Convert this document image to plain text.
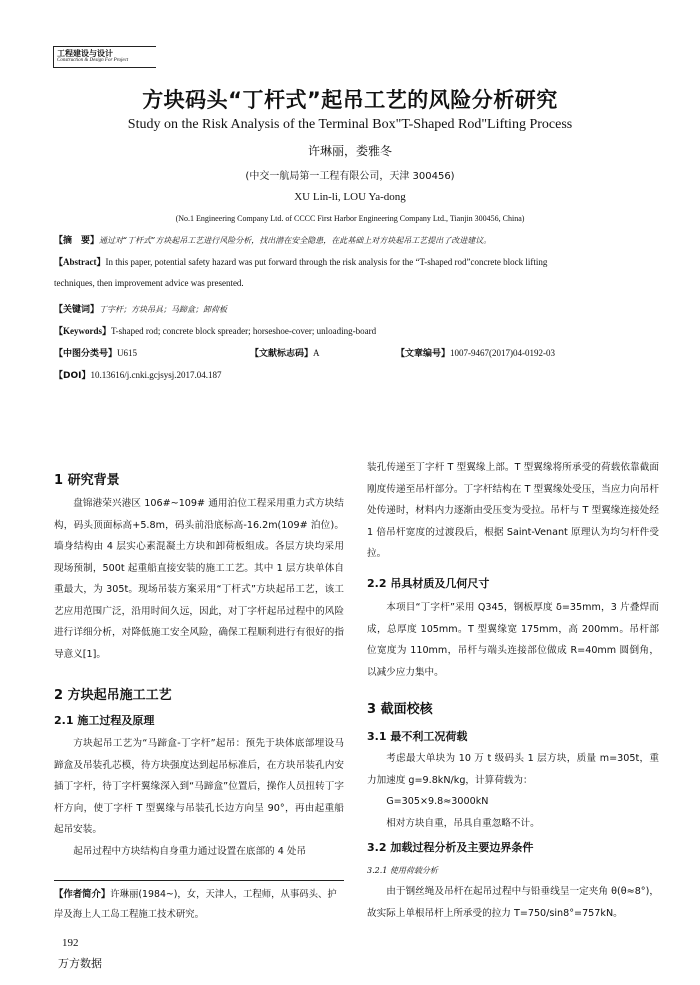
工程建设与设计
Construction & Design For Project
方块码头“丁杆式”起吊工艺的风险分析研究
Study on the Risk Analysis of the Terminal Box"T-Shaped Rod"Lifting Process
许琳丽，娄雅冬
(中交一航局第一工程有限公司，天津 300456)
XU Lin-li, LOU Ya-dong
(No.1 Engineering Company Ltd. of CCCC First Harbor Engineering Company Ltd., Tianjin 300456, China)
【摘　要】通过对“丁杆式”方块起吊工艺进行风险分析，找出潜在安全隐患，在此基础上对方块起吊工艺提出了改进建议。
【Abstract】In this paper, potential safety hazard was put forward through the risk analysis for the “T-shaped rod”concrete block lifting
techniques, then improvement advice was presented.
【关键词】丁字杆；方块吊具；马蹄盒；卸荷板
【Keywords】T-shaped rod; concrete block spreader; horseshoe-cover; unloading-board
【中图分类号】U615	【文献标志码】A	【文章编号】1007-9467(2017)04-0192-03
【DOI】10.13616/j.cnki.gcjsysj.2017.04.187
1 研究背景

盘锦港荣兴港区 106#~109# 通用泊位工程采用重力式方块结构，码头顶面标高+5.8m，码头前沿底标高-16.2m(109# 泊位)。墙身结构由 4 层实心素混凝土方块和卸荷板组成。各层方块均采用现场预制，500t 起重船直接安装的施工工艺。其中 1 层方块单体自重最大，为 305t。现场吊装方案采用“丁杆式”方块起吊工艺，该工艺应用范围广泛，沿用时间久远，因此，对丁字杆起吊过程中的风险进行详细分析，对降低施工安全风险，确保工程顺利进行有很好的指导意义[1]。

2 方块起吊施工工艺
2.1 施工过程及原理

方块起吊工艺为“马蹄盒-丁字杆”起吊：预先于块体底部埋设马蹄盒及吊装孔芯模，待方块强度达到起吊标准后，在方块吊装孔内安插丁字杆，待丁字杆翼缘深入到“马蹄盒”位置后，操作人员扭转丁字杆方向，使丁字杆 T 型翼缘与吊装孔长边方向呈 90°，再由起重船起吊安装。

起吊过程中方块结构自身重力通过设置在底部的 4 处吊

【作者简介】许琳丽(1984~)，女，天津人，工程师，从事码头、护岸及海上人工岛工程施工技术研究。

装孔传递至丁字杆 T 型翼缘上部。T 型翼缘将所承受的荷载依靠截面刚度传递至吊杆部分。丁字杆结构在 T 型翼缘处受压，当应力向吊杆处传递时，材料内力逐渐由受压变为受拉。吊杆与 T 型翼缘连接处经 1 倍吊杆宽度的过渡段后，根据 Saint-Venant 原理认为均匀杆件受拉。

2.2 吊具材质及几何尺寸

本项目“丁字杆”采用 Q345，钢板厚度 δ=35mm，3 片叠焊而成，总厚度 105mm。T 型翼缘宽 175mm，高 200mm。吊杆部位宽度为 110mm，吊杆与端头连接部位做成 R=40mm 圆倒角，以减少应力集中。

3 截面校核
3.1 最不利工况荷载

考虑最大单块为 10 万 t 级码头 1 层方块，质量 m=305t，重力加速度 g=9.8kN/kg，计算荷载为：

G=305×9.8≈3000kN

相对方块自重，吊具自重忽略不计。

3.2 加载过程分析及主要边界条件
3.2.1 使用荷载分析

由于钢丝绳及吊杆在起吊过程中与铅垂线呈一定夹角 θ(θ≈8°)，故实际上单根吊杆上所承受的拉力 T=750/sin8°=757kN。

192
万方数据
